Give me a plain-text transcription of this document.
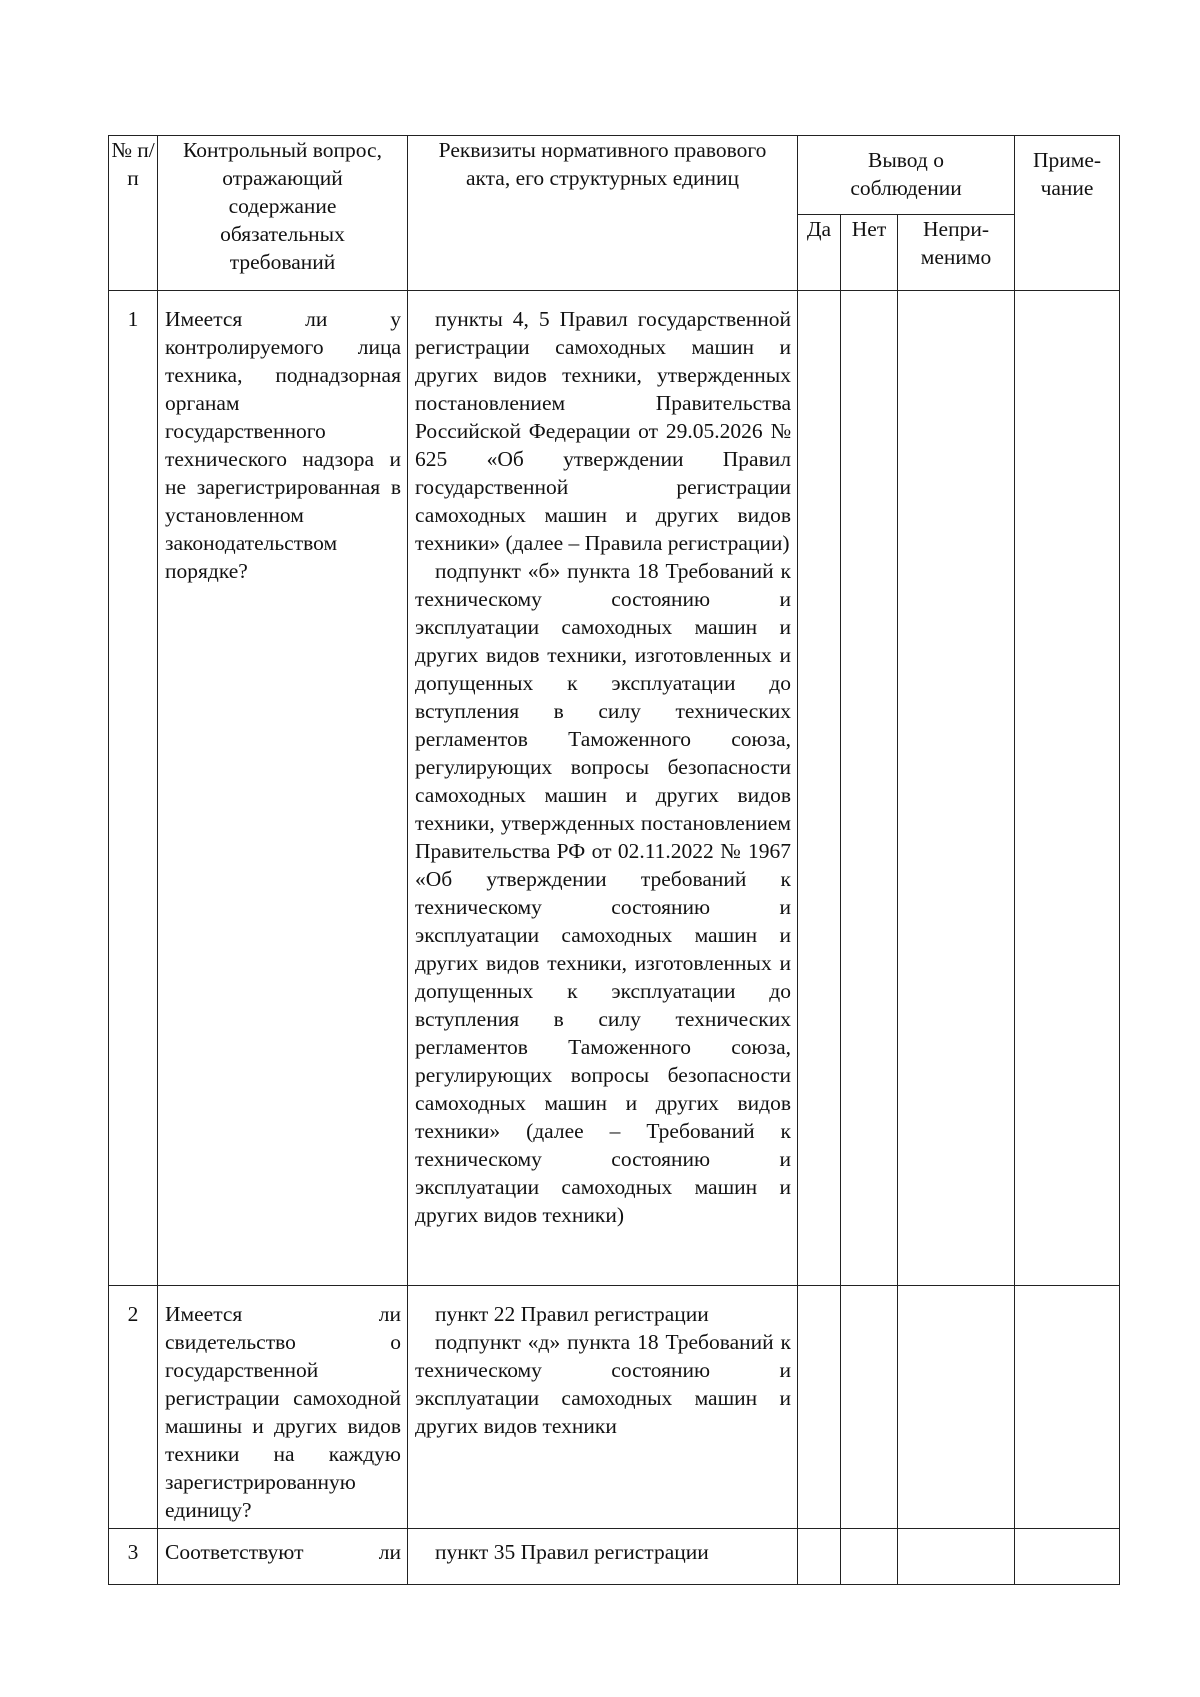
№ п/п	Контрольный вопрос, отражающий содержание обязательных требований	Реквизиты нормативного правового акта, его структурных единиц	Вывод о соблюдении			Приме- чание

			Да	Нет	Непри- менимо	

1	Имеется ли у контролируемого лица техника, поднадзорная органам государственного технического надзора и не зарегистрированная в установленном законодательством порядке?	пункты 4, 5 Правил государственной регистрации самоходных машин и других видов техники, утвержденных постановлением Правительства Российской Федерации от 29.05.2026 № 625 «Об утверждении Правил государственной регистрации самоходных машин и других видов техники» (далее – Правила регистрации)

подпункт «б» пункта 18 Требований к техническому состоянию и эксплуатации самоходных машин и других видов техники, изготовленных и допущенных к эксплуатации до вступления в силу технических регламентов Таможенного союза, регулирующих вопросы безопасности самоходных машин и других видов техники, утвержденных постановлением Правительства РФ от 02.11.2022 № 1967 «Об утверждении требований к техническому состоянию и эксплуатации самоходных машин и других видов техники, изготовленных и допущенных к эксплуатации до вступления в силу технических регламентов Таможенного союза, регулирующих вопросы безопасности самоходных машин и других видов техники» (далее – Требований к техническому состоянию и эксплуатации самоходных машин и других видов техники)				

2	Имеется ли свидетельство о государственной регистрации самоходной машины и других видов техники на каждую зарегистрированную единицу?	пункт 22 Правил регистрации

подпункт «д» пункта 18 Требований к техническому состоянию и эксплуатации самоходных машин и других видов техники				

3	Соответствуют ли	пункт 35 Правил регистрации				
